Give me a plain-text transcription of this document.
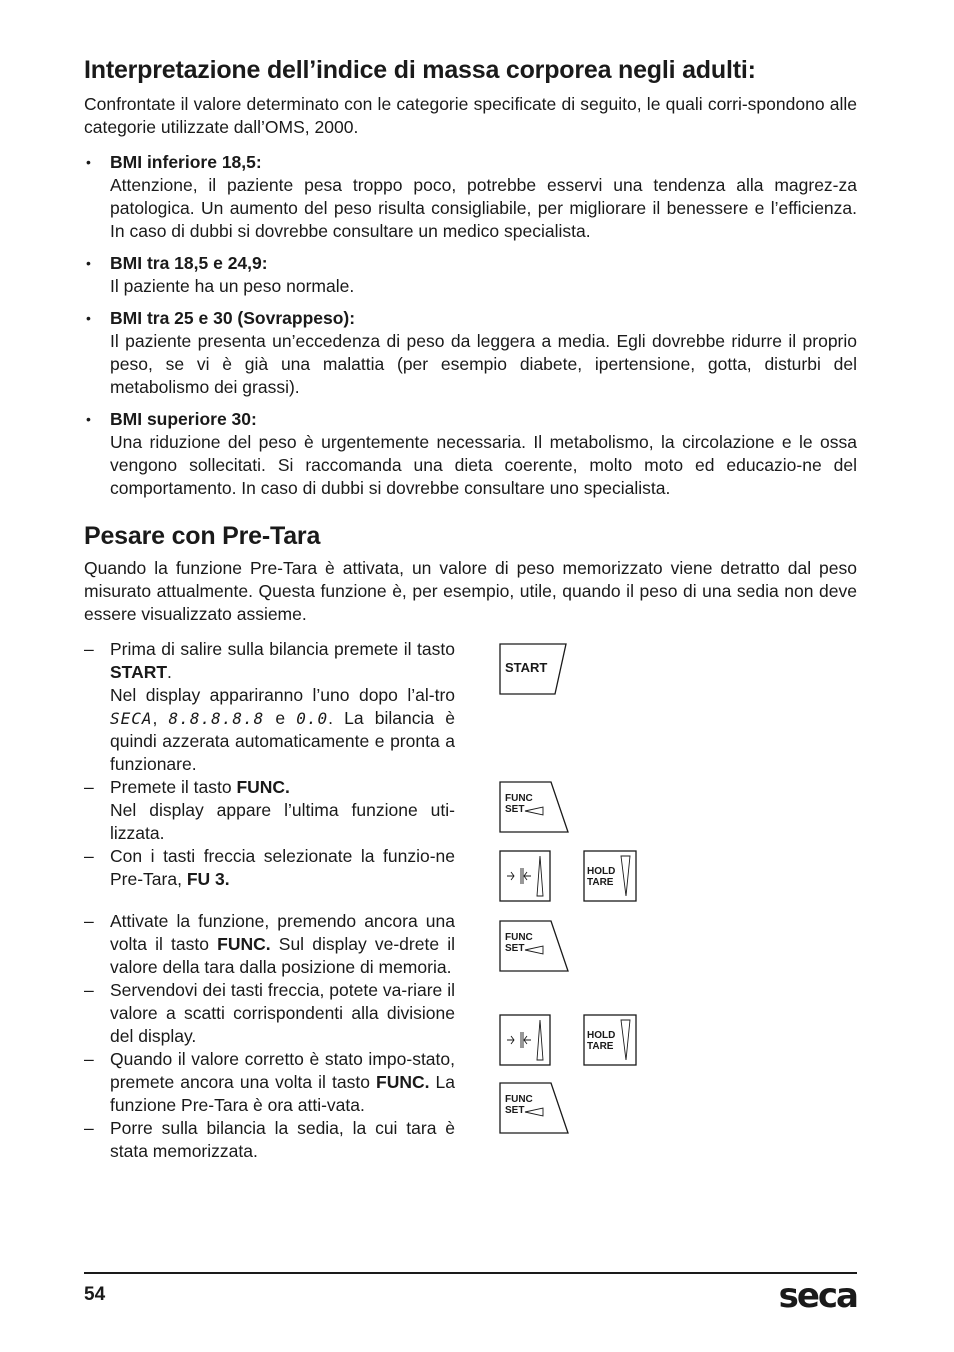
Interpretazione dell’indice di massa corporea negli adulti:

Confrontate il valore determinato con le categorie specificate di seguito, le quali corri-spondono alle categorie utilizzate dall’OMS, 2000.

• BMI inferiore 18,5:
Attenzione, il paziente pesa troppo poco, potrebbe esservi una tendenza alla magrez-za patologica. Un aumento del peso risulta consigliabile, per migliorare il benessere e l’efficienza. In caso di dubbi si dovrebbe consultare un medico specialista.
• BMI tra 18,5 e 24,9:
Il paziente ha un peso normale.
• BMI tra 25 e 30 (Sovrappeso):
Il paziente presenta un’eccedenza di peso da leggera a media. Egli dovrebbe ridurre il proprio peso, se vi è già una malattia (per esempio diabete, ipertensione, gotta, disturbi del metabolismo dei grassi).
• BMI superiore 30:
Una riduzione del peso è urgentemente necessaria. Il metabolismo, la circolazione e le ossa vengono sollecitati. Si raccomanda una dieta coerente, molto moto ed educazio-ne del comportamento. In caso di dubbi si dovrebbe consultare uno specialista.
Pesare con Pre-Tara

Quando la funzione Pre-Tara è attivata, un valore di peso memorizzato viene detratto dal peso misurato attualmente. Questa funzione è, per esempio, utile, quando il peso di una sedia non deve essere visualizzato assieme.

– Prima di salire sulla bilancia premete il tasto START.
Nel display appariranno l’uno dopo l’al-tro SECA, 8.8.8.8.8 e 0.0. La bilancia è quindi azzerata automaticamente e pronta a funzionare.
– Premete il tasto FUNC.
Nel display appare l’ultima funzione uti-lizzata.
– Con i tasti freccia selezionate la funzio-ne Pre-Tara, FU 3.
– Attivate la funzione, premendo ancora una volta il tasto FUNC. Sul display ve-drete il valore della tara dalla posizione di memoria.
– Servendovi dei tasti freccia, potete va-riare il valore a scatti corrispondenti alla divisione del display.
– Quando il valore corretto è stato impo-stato, premete ancora una volta il tasto FUNC. La funzione Pre-Tara è ora atti-vata.
– Porre sulla bilancia la sedia, la cui tara è stata memorizzata.
START
FUNC
SET
HOLD
TARE
FUNC
SET
HOLD
TARE
FUNC
SET
54	seca
